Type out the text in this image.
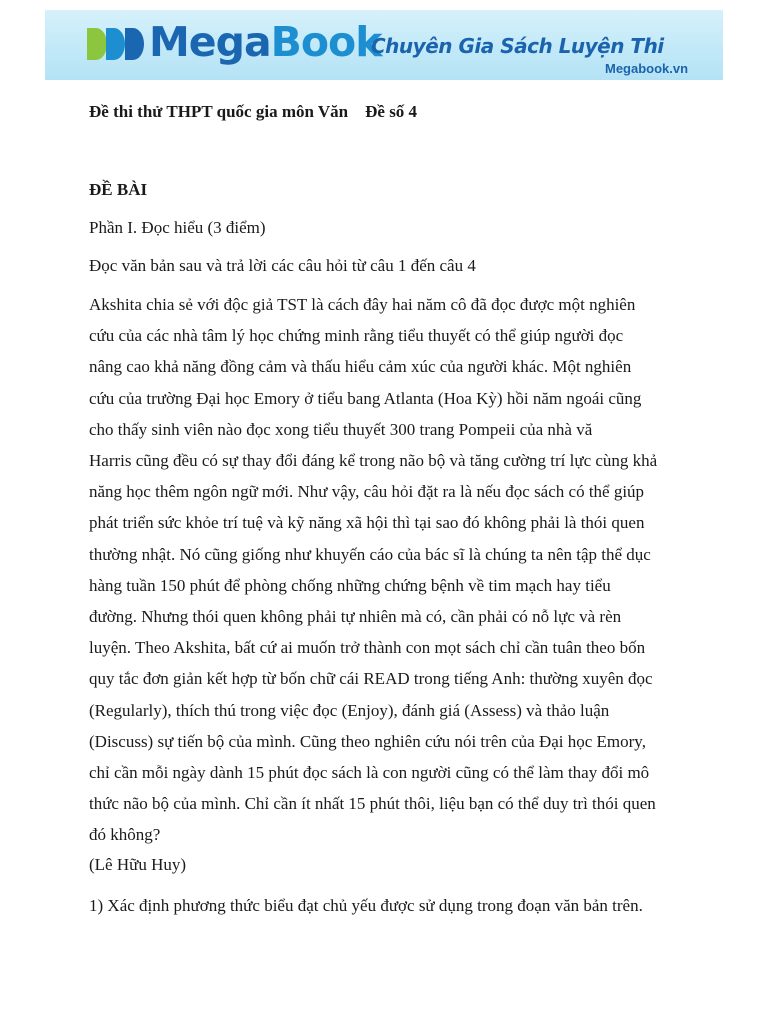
MegaBook
Chuyên Gia Sách Luyện Thi
Megabook.vn
Đề thi thử THPT quốc gia môn Văn    Đề số 4
ĐỀ BÀI

Phần I. Đọc hiểu (3 điểm)

Đọc văn bản sau và trả lời các câu hỏi từ câu 1 đến câu 4

Akshita chia sẻ với độc giả TST là cách đây hai năm cô đã đọc được một nghiên
cứu của các nhà tâm lý học chứng minh rằng tiểu thuyết có thể giúp người đọc
nâng cao khả năng đồng cảm và thấu hiểu cảm xúc của người khác. Một nghiên
cứu của trường Đại học Emory ở tiểu bang Atlanta (Hoa Kỳ) hồi năm ngoái cũng
cho thấy sinh viên nào đọc xong tiểu thuyết 300 trang Pompeii của nhà vă
Harris cũng đều có sự thay đổi đáng kể trong não bộ và tăng cường trí lực cùng khả
năng học thêm ngôn ngữ mới. Như vậy, câu hỏi đặt ra là nếu đọc sách có thể giúp
phát triển sức khỏe trí tuệ và kỹ năng xã hội thì tại sao đó không phải là thói quen
thường nhật. Nó cũng giống như khuyến cáo của bác sĩ là chúng ta nên tập thể dục
hàng tuần 150 phút để phòng chống những chứng bệnh về tim mạch hay tiểu
đường. Nhưng thói quen không phải tự nhiên mà có, cần phải có nỗ lực và rèn
luyện. Theo Akshita, bất cứ ai muốn trở thành con mọt sách chỉ cần tuân theo bốn
quy tắc đơn giản kết hợp từ bốn chữ cái READ trong tiếng Anh: thường xuyên đọc
(Regularly), thích thú trong việc đọc (Enjoy), đánh giá (Assess) và thảo luận
(Discuss) sự tiến bộ của mình. Cũng theo nghiên cứu nói trên của Đại học Emory,
chỉ cần mỗi ngày dành 15 phút đọc sách là con người cũng có thể làm thay đổi mô
thức não bộ của mình. Chỉ cần ít nhất 15 phút thôi, liệu bạn có thể duy trì thói quen
đó không?

(Lê Hữu Huy)

1) Xác định phương thức biểu đạt chủ yếu được sử dụng trong đoạn văn bản trên.
